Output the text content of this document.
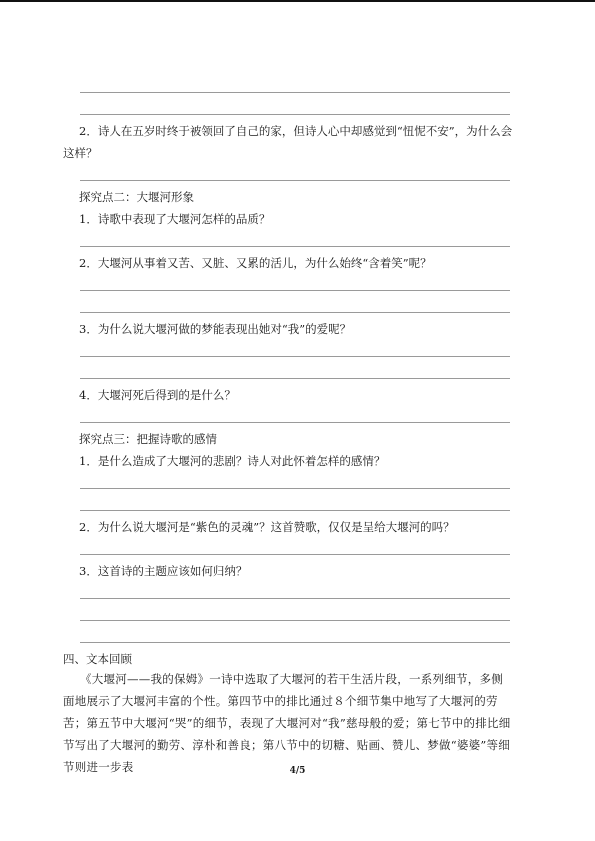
2．诗人在五岁时终于被领回了自己的家，但诗人心中却感觉到“忸怩不安”，为什么会
这样？
探究点二：大堰河形象
1．诗歌中表现了大堰河怎样的品质？
2．大堰河从事着又苦、又脏、又累的活儿，为什么始终“含着笑”呢？
3．为什么说大堰河做的梦能表现出她对“我”的爱呢？
4．大堰河死后得到的是什么？
探究点三：把握诗歌的感情
1．是什么造成了大堰河的悲剧？诗人对此怀着怎样的感情？
2．为什么说大堰河是“紫色的灵魂”？这首赞歌，仅仅是呈给大堰河的吗？
3．这首诗的主题应该如何归纳？
四、文本回顾
《大堰河——我的保姆》一诗中选取了大堰河的若干生活片段，一系列细节，多侧面地展示了大堰河丰富的个性。第四节中的排比通过８个细节集中地写了大堰河的劳苦；第五节中大堰河“哭”的细节，表现了大堰河对“我”慈母般的爱；第七节中的排比细节写出了大堰河的勤劳、淳朴和善良；第八节中的切糖、贴画、赞儿、梦做“婆婆”等细节则进一步表	4/5
